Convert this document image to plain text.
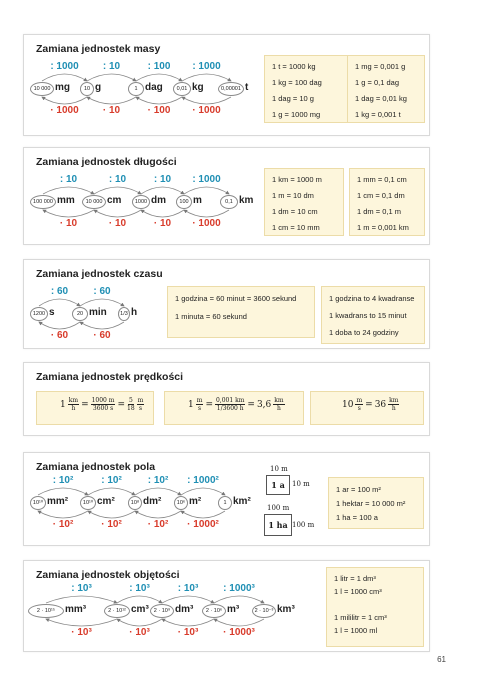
Zamiana jednostek masy
10 000 mg
: 1000
· 1000
10 g
: 10
· 10
1 dag
: 100
· 100
0,01 kg
: 1000
· 1000
0,00001 t
1 t = 1000 kg
1 kg = 100 dag
1 dag = 10 g
1 g = 1000 mg
1 mg = 0,001 g
1 g = 0,1 dag
1 dag = 0,01 kg
1 kg = 0,001 t
Zamiana jednostek długości
100 000 mm
: 10
· 10
10 000 cm
: 10
· 10
1000 dm
: 10
· 10
100 m
: 1000
· 1000
0,1 km
1 km = 1000 m
1 m = 10 dm
1 dm = 10 cm
1 cm = 10 mm
1 mm = 0,1 cm
1 cm = 0,1 dm
1 dm = 0,1 m
1 m = 0,001 km
Zamiana jednostek czasu
1200 s
: 60
· 60
20 min
: 60
· 60
1/3 h
1 godzina = 60 minut = 3600 sekund
1 minuta = 60 sekund
1 godzina to 4 kwadranse
1 kwadrans to 15 minut
1 doba to 24 godziny
Zamiana jednostek prędkości
$1 \frac{km}{h} = \frac{1000 m}{3600 s} = \frac{5}{18} \frac{m}{s}$	$1 \frac{m}{s} = \frac{0,001 km}{1/3600 h} = 3,6 \frac{km}{h}$	$10 \frac{m}{s} = 36 \frac{km}{h}$
Zamiana jednostek pola
10¹⁰ mm²
: 10²
· 10²
10¹⁰ cm²
: 10²
· 10²
10⁸ dm²
: 10²
· 10²
10⁶ m²
: 1000²
· 1000²
1 km²
10 m
1 a 10 m
100 m
1 ha 100 m
1 ar = 100 m²
1 hektar = 10 000 m²
1 ha = 100 a
Zamiana jednostek objętości
2 · 10¹⁵ mm³
: 10³
· 10³
2 · 10¹² cm³
: 10³
· 10³
2 · 10⁹ dm³
: 10³
· 10³
2 · 10⁶ m³
: 1000³
· 1000³
2 · 10⁻³ km³
1 litr = 1 dm³
1 l = 1000 cm³

1 mililitr = 1 cm³
1 l = 1000 ml
61
